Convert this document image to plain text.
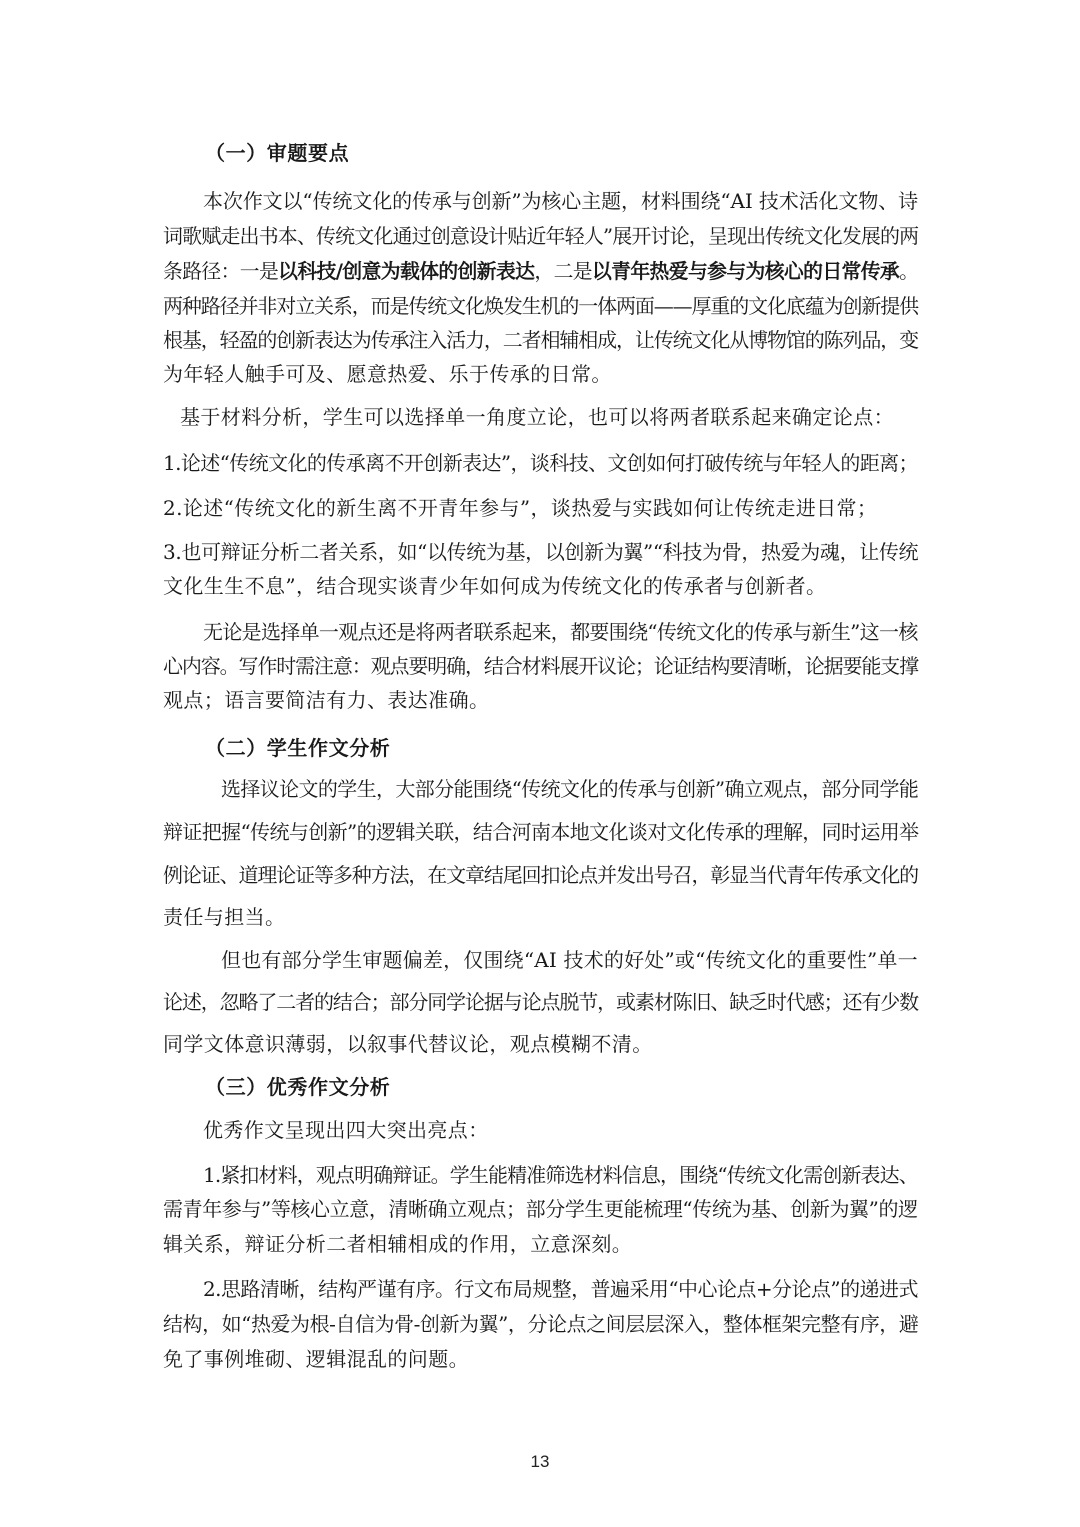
（一）审题要点
本次作文以“传统文化的传承与创新”为核心主题，材料围绕“AI 技术活化文物、诗
词歌赋走出书本、传统文化通过创意设计贴近年轻人”展开讨论，呈现出传统文化发展的两
条路径：一是以科技/创意为载体的创新表达，二是以青年热爱与参与为核心的日常传承。
两种路径并非对立关系，而是传统文化焕发生机的一体两面——厚重的文化底蕴为创新提供
根基，轻盈的创新表达为传承注入活力，二者相辅相成，让传统文化从博物馆的陈列品，变
为年轻人触手可及、愿意热爱、乐于传承的日常。
基于材料分析，学生可以选择单一角度立论，也可以将两者联系起来确定论点：
1.论述“传统文化的传承离不开创新表达”，谈科技、文创如何打破传统与年轻人的距离；
2.论述“传统文化的新生离不开青年参与”，谈热爱与实践如何让传统走进日常；
3.也可辩证分析二者关系，如“以传统为基，以创新为翼”“科技为骨，热爱为魂，让传统
文化生生不息”，结合现实谈青少年如何成为传统文化的传承者与创新者。
无论是选择单一观点还是将两者联系起来，都要围绕“传统文化的传承与新生”这一核
心内容。写作时需注意：观点要明确，结合材料展开议论；论证结构要清晰，论据要能支撑
观点；语言要简洁有力、表达准确。
（二）学生作文分析
选择议论文的学生，大部分能围绕“传统文化的传承与创新”确立观点，部分同学能
辩证把握“传统与创新”的逻辑关联，结合河南本地文化谈对文化传承的理解，同时运用举
例论证、道理论证等多种方法，在文章结尾回扣论点并发出号召，彰显当代青年传承文化的
责任与担当。
但也有部分学生审题偏差，仅围绕“AI 技术的好处”或“传统文化的重要性”单一
论述，忽略了二者的结合；部分同学论据与论点脱节，或素材陈旧、缺乏时代感；还有少数
同学文体意识薄弱，以叙事代替议论，观点模糊不清。
（三）优秀作文分析
优秀作文呈现出四大突出亮点：
1.紧扣材料，观点明确辩证。学生能精准筛选材料信息，围绕“传统文化需创新表达、
需青年参与”等核心立意，清晰确立观点；部分学生更能梳理“传统为基、创新为翼”的逻
辑关系，辩证分析二者相辅相成的作用，立意深刻。
2.思路清晰，结构严谨有序。行文布局规整，普遍采用“中心论点+分论点”的递进式
结构，如“热爱为根-自信为骨-创新为翼”，分论点之间层层深入，整体框架完整有序，避
免了事例堆砌、逻辑混乱的问题。
13
